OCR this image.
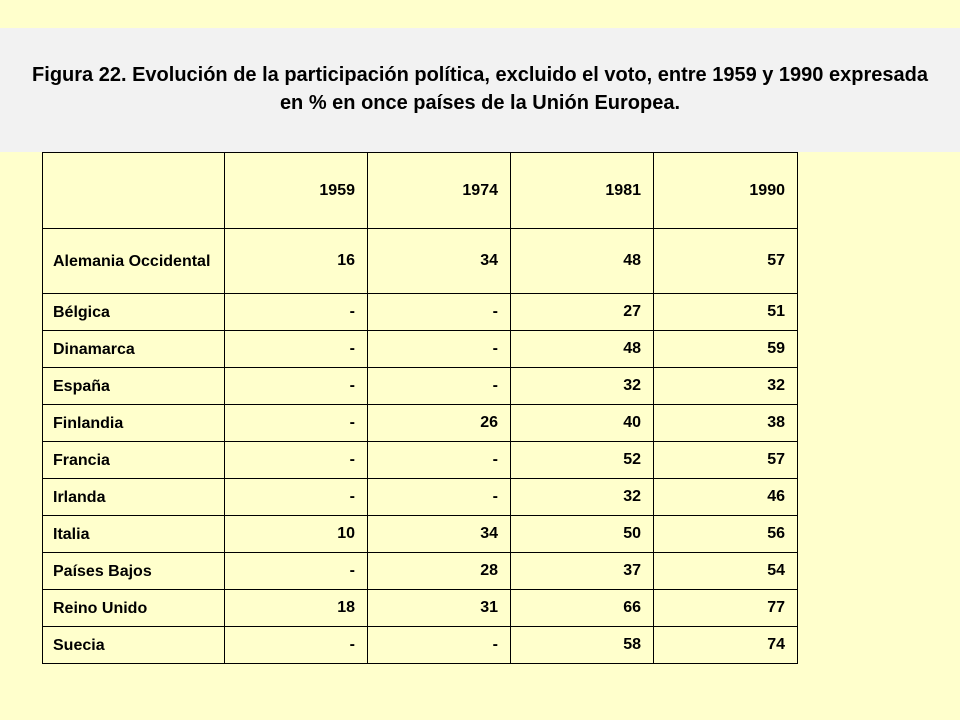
Figura 22. Evolución de la participación política, excluido el voto, entre 1959 y 1990 expresada en % en once países de la Unión Europea.
	1959	1974	1981	1990
Alemania Occidental	16	34	48	57
Bélgica	-	-	27	51
Dinamarca	-	-	48	59
España	-	-	32	32
Finlandia	-	26	40	38
Francia	-	-	52	57
Irlanda	-	-	32	46
Italia	10	34	50	56
Países Bajos	-	28	37	54
Reino Unido	18	31	66	77
Suecia	-	-	58	74
